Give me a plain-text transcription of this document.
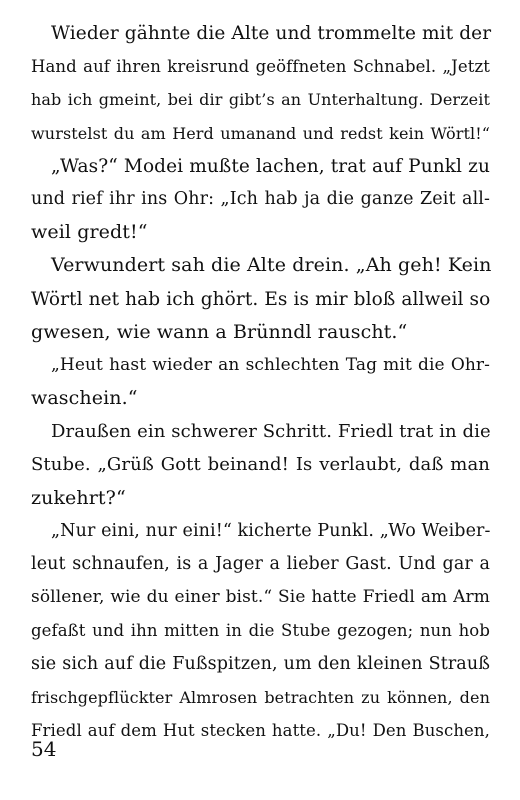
Wieder gähnte die Alte und trommelte mit der
Hand auf ihren kreisrund geöffneten Schnabel. „Jetzt
hab ich gmeint, bei dir gibt’s an Unterhaltung. Derzeit
wurstelst du am Herd umanand und redst kein Wörtl!“
„Was?“ Modei mußte lachen, trat auf Punkl zu
und rief ihr ins Ohr: „Ich hab ja die ganze Zeit all-
weil gredt!“
Verwundert sah die Alte drein. „Ah geh! Kein
Wörtl net hab ich ghört. Es is mir bloß allweil so
gwesen, wie wann a Brünndl rauscht.“
„Heut hast wieder an schlechten Tag mit die Ohr-
waschein.“
Draußen ein schwerer Schritt. Friedl trat in die
Stube. „Grüß Gott beinand! Is verlaubt, daß man
zukehrt?“
„Nur eini, nur eini!“ kicherte Punkl. „Wo Weiber-
leut schnaufen, is a Jager a lieber Gast. Und gar a
söllener, wie du einer bist.“ Sie hatte Friedl am Arm
gefaßt und ihn mitten in die Stube gezogen; nun hob
sie sich auf die Fußspitzen, um den kleinen Strauß
frischgepflückter Almrosen betrachten zu können, den
Friedl auf dem Hut stecken hatte. „Du! Den Buschen,
54
